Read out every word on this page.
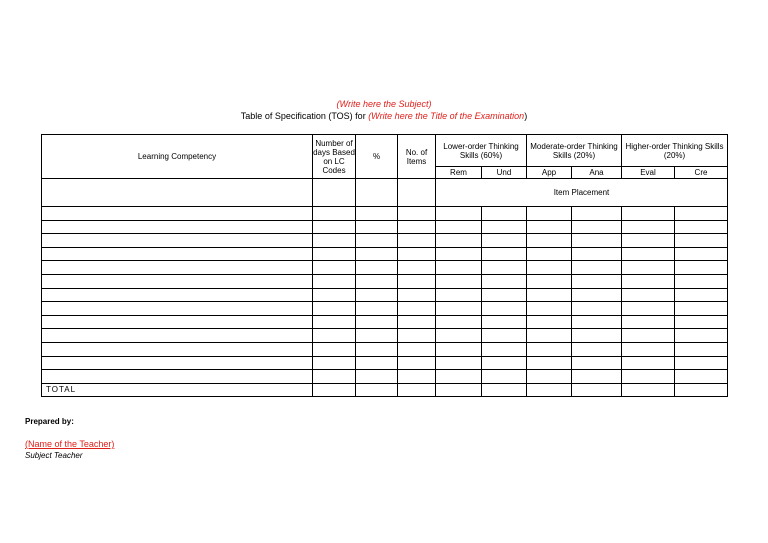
(Write here the Subject)
Table of Specification (TOS) for (Write here the Title of the Examination)
Learning Competency	Number of days Based on LC Codes	%	No. of Items	Lower-order Thinking Skills (60%)		Moderate-order Thinking Skills (20%)		Higher-order Thinking Skills (20%)	
				Rem	Und	App	Ana	Eval	Cre
				Item Placement					

TOTAL									
Prepared by:
(Name of the Teacher)
Subject Teacher
